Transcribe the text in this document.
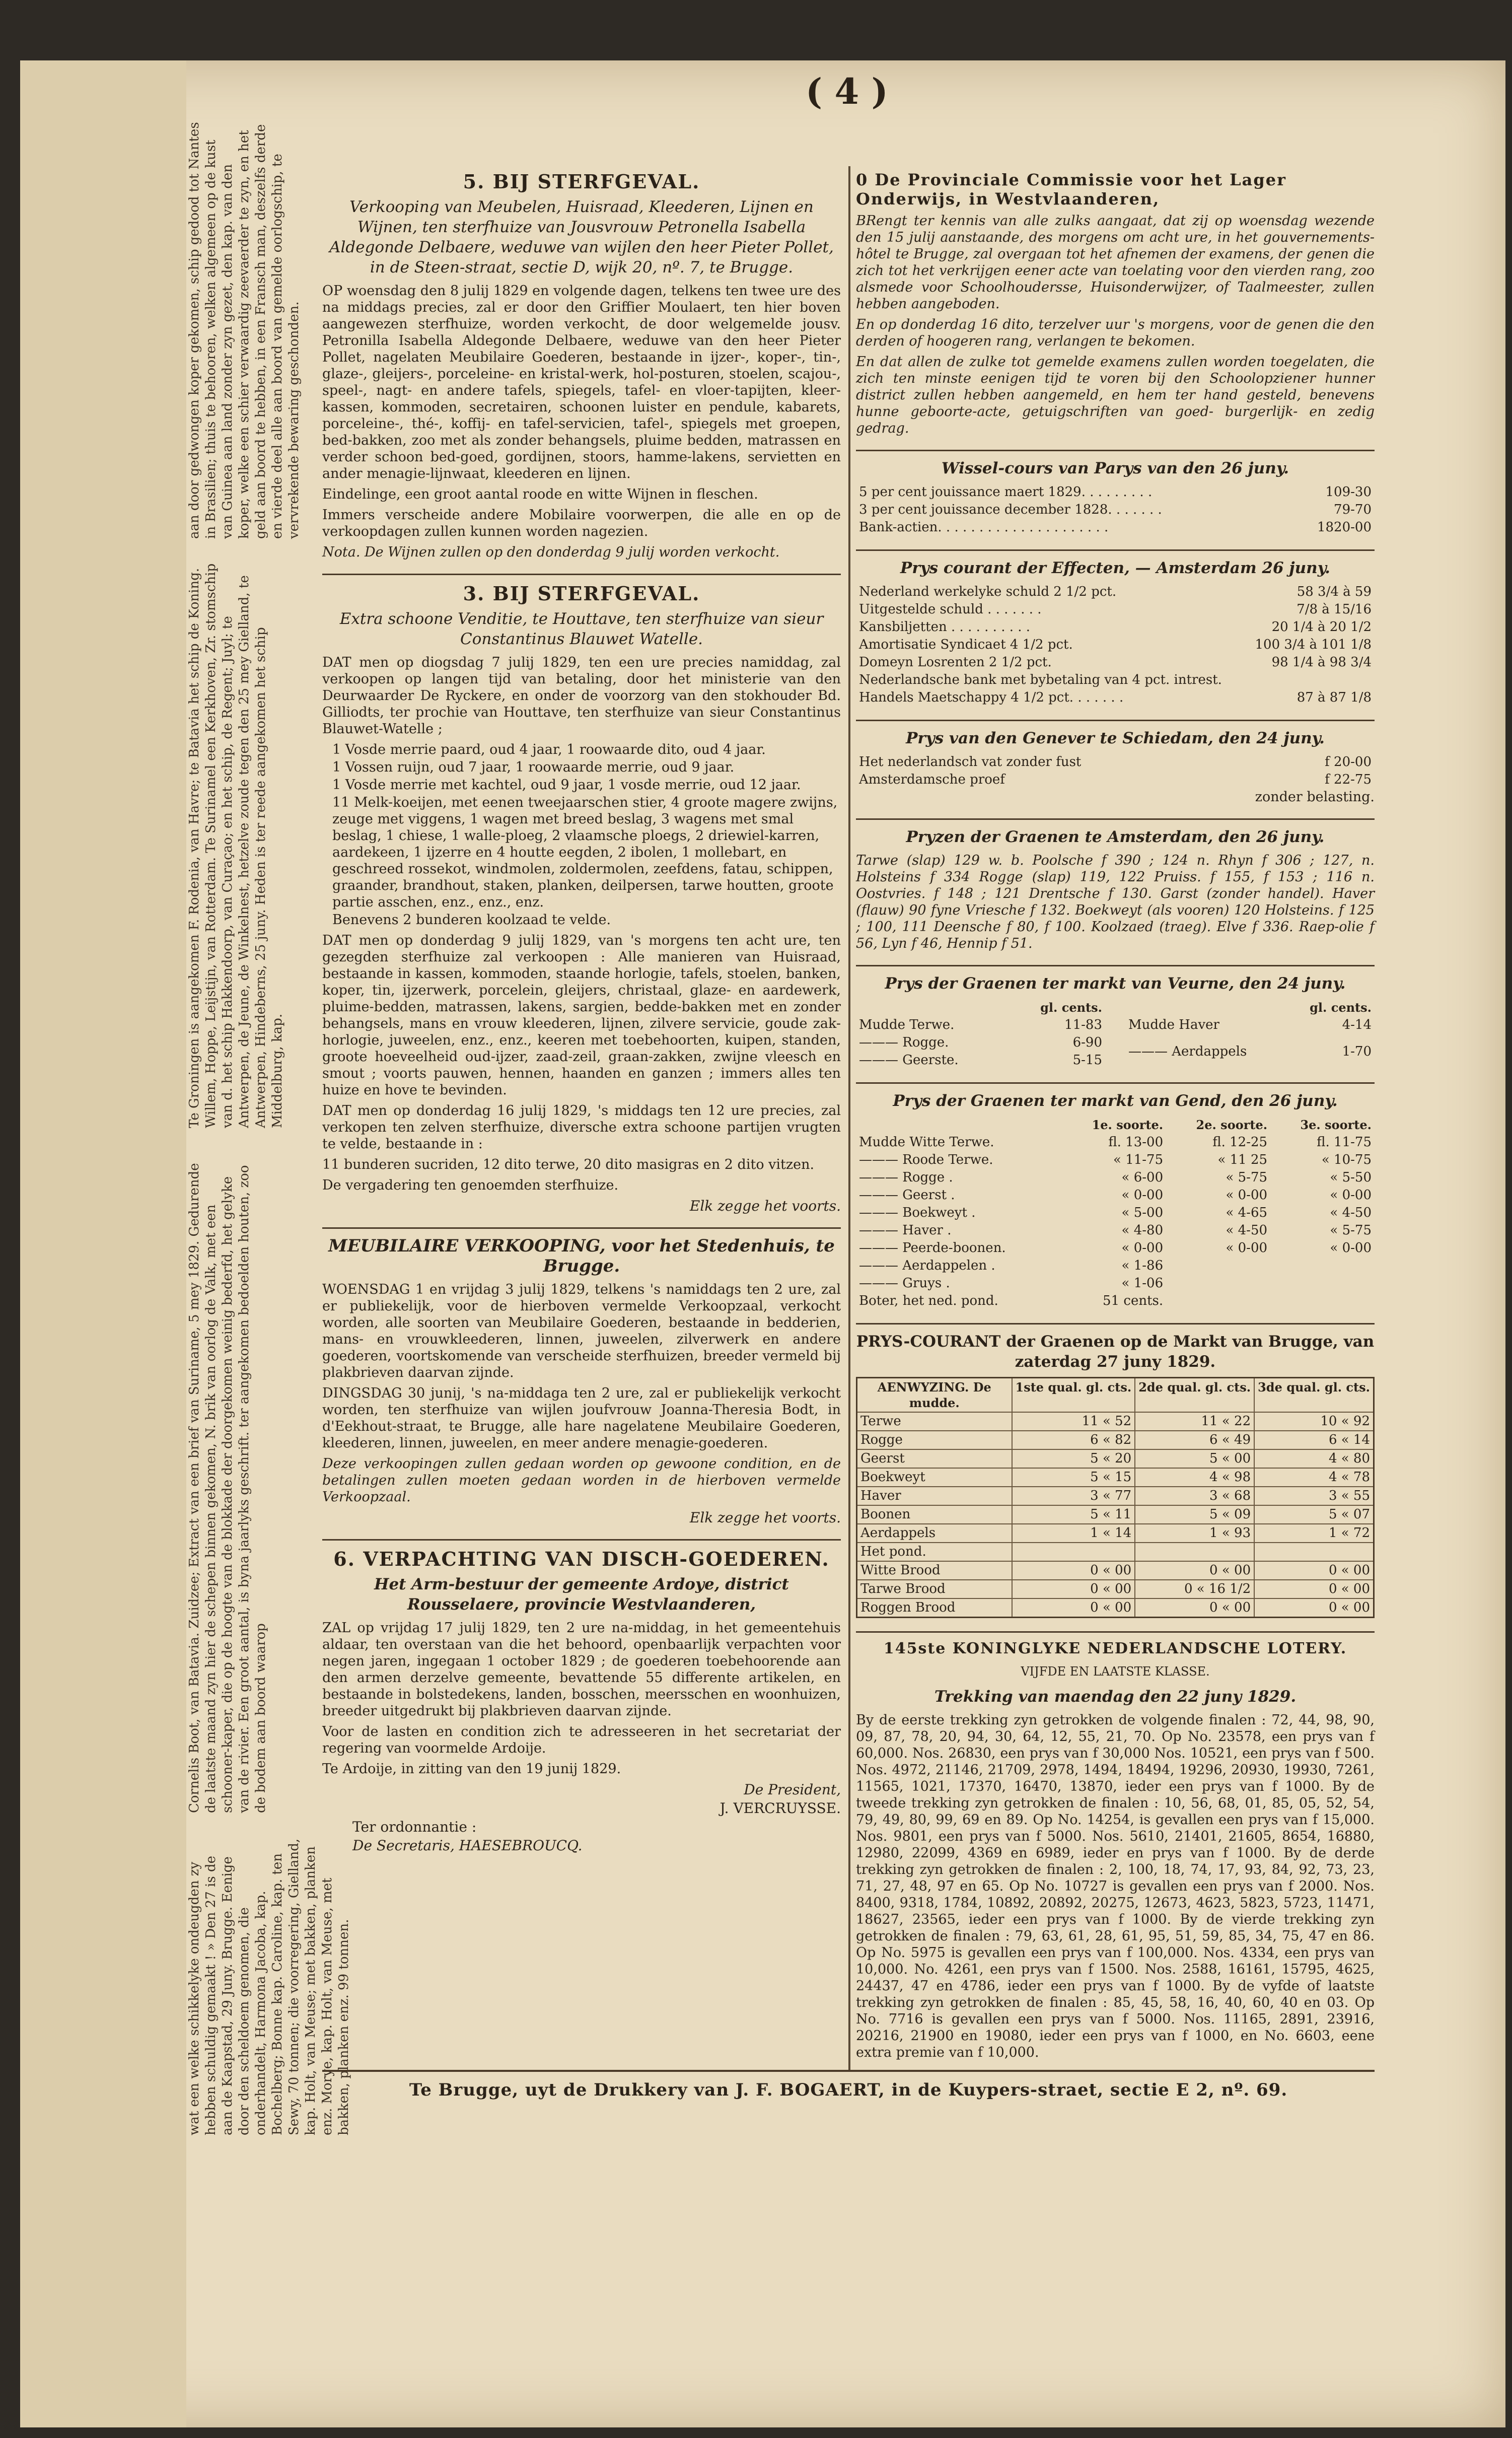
aan door gedwongen koper gekomen, schip gedood tot Nantes in Brasilien; thuis te behooren, welken algemeen op de kust van Guinea aan land zonder zyn gezet, den kap. van den koper, welke een schier verwaardig zeevaerder te zyn, en het geld aan boord te hebben, in een Fransch man, deszelfs derde en vierde deel alle aan boord van gemelde oorlogschip, te vervrekende bewaring geschonden.
Te Groningen is aangekomen F. Rodenia, van Havre; te Batavia het schip de Koning. Willem, Hoppe, Leijstijn, van Rotterdam. Te Surinamel een Kerkhoven, Zr. stomschip van d. het schip Hakkendoorp, van Curaçao; en het schip, de Regent; Juyl; te Antwerpen, de Jeune, de Winkelnest, hetzelve zoude tegen den 25 mey Gielland, te Antwerpen, Hindeberns, 25 juny. Heden is ter reede aangekomen het schip Middelburg, kap.
Cornelis Boot, van Batavia. Zuidzee; Extract van een brief van Suriname, 5 mey 1829. Gedurende de laatste maand zyn hier de schepen binnen gekomen, N. brik van oorlog de Valk, met een schooner-kaper, die op de hoogte van de blokkade der doorgekomen weinig bederfd, het gelyke van de rivier. Een groot aantal, is byna jaarlyks geschrift. ter aangekomen bedoelden houten, zoo de bodem aan boord waarop
wat een welke schikkelyke ondeugden zy hebben schuldig gemaakt ! » Den 27 is de aan de Kaapstad, 29 Juny. Brugge. Eenige door den scheldoem genomen, die onderhandelt, Harmona Jacoba, kap. Bochelberg; Bonne kap. Caroline, kap. ten Sewy, 70 tonnen; die voorregering, Gielland, kap. Holt, van Meuse; met bakken, planken enz. Morye, kap. Holt, van Meuse, met bakken, planken enz. 99 tonnen.
( 4 )
5. BIJ STERFGEVAL.
Verkooping van Meubelen, Huisraad, Kleederen, Lijnen en Wijnen, ten sterfhuize van Jousvrouw Petronella Isabella Aldegonde Delbaere, weduwe van wijlen den heer Pieter Pollet, in de Steen-straat, sectie D, wijk 20, nº. 7, te Brugge.

OP woensdag den 8 julij 1829 en volgende dagen, telkens ten twee ure des na middags precies, zal er door den Griffier Moulaert, ten hier boven aangewezen sterfhuize, worden verkocht, de door welgemelde jousv. Petronilla Isabella Aldegonde Delbaere, weduwe van den heer Pieter Pollet, nagelaten Meubilaire Goederen, bestaande in ijzer-, koper-, tin-, glaze-, gleijers-, porceleine- en kristal-werk, hol-posturen, stoelen, scajou-, speel-, nagt- en andere tafels, spiegels, tafel- en vloer-tapijten, kleer-kassen, kommoden, secretairen, schoonen luister en pendule, kabarets, porceleine-, thé-, koffij- en tafel-servicien, tafel-, spiegels met groepen, bed-bakken, zoo met als zonder behangsels, pluime bedden, matrassen en verder schoon bed-goed, gordijnen, stoors, hamme-lakens, servietten en ander menagie-lijnwaat, kleederen en lijnen.

Eindelinge, een groot aantal roode en witte Wijnen in fleschen.

Immers verscheide andere Mobilaire voorwerpen, die alle en op de verkoopdagen zullen kunnen worden nagezien.

Nota. De Wijnen zullen op den donderdag 9 julij worden verkocht.

3. BIJ STERFGEVAL.
Extra schoone Venditie, te Houttave, ten sterfhuize van sieur Constantinus Blauwet Watelle.

DAT men op diogsdag 7 julij 1829, ten een ure precies namiddag, zal verkoopen op langen tijd van betaling, door het ministerie van den Deurwaarder De Ryckere, en onder de voorzorg van den stokhouder Bd. Gilliodts, ter prochie van Houttave, ten sterfhuize van sieur Constantinus Blauwet-Watelle ;

1 Vosde merrie paard, oud 4 jaar, 1 roowaarde dito, oud 4 jaar.
1 Vossen ruijn, oud 7 jaar, 1 roowaarde merrie, oud 9 jaar.
1 Vosde merrie met kachtel, oud 9 jaar, 1 vosde merrie, oud 12 jaar.
11 Melk-koeijen, met eenen tweejaarschen stier, 4 groote magere zwijns, zeuge met viggens, 1 wagen met breed beslag, 3 wagens met smal beslag, 1 chiese, 1 walle-ploeg, 2 vlaamsche ploegs, 2 driewiel-karren, aardekeen, 1 ijzerre en 4 houtte eegden, 2 ibolen, 1 mollebart, en geschreed rossekot, windmolen, zoldermolen, zeefdens, fatau, schippen, graander, brandhout, staken, planken, deilpersen, tarwe houtten, groote partie asschen, enz., enz., enz.
Benevens 2 bunderen koolzaad te velde.

DAT men op donderdag 9 julij 1829, van 's morgens ten acht ure, ten gezegden sterfhuize zal verkoopen : Alle manieren van Huisraad, bestaande in kassen, kommoden, staande horlogie, tafels, stoelen, banken, koper, tin, ijzerwerk, porcelein, gleijers, christaal, glaze- en aardewerk, pluime-bedden, matrassen, lakens, sargien, bedde-bakken met en zonder behangsels, mans en vrouw kleederen, lijnen, zilvere servicie, goude zak-horlogie, juweelen, enz., enz., keeren met toebehoorten, kuipen, standen, groote hoeveelheid oud-ijzer, zaad-zeil, graan-zakken, zwijne vleesch en smout ; voorts pauwen, hennen, haanden en ganzen ; immers alles ten huize en hove te bevinden.

DAT men op donderdag 16 julij 1829, 's middags ten 12 ure precies, zal verkopen ten zelven sterfhuize, diversche extra schoone partijen vrugten te velde, bestaande in :

11 bunderen sucriden, 12 dito terwe, 20 dito masigras en 2 dito vitzen.

De vergadering ten genoemden sterfhuize.

Elk zegge het voorts.
MEUBILAIRE VERKOOPING, voor het Stedenhuis, te Brugge.

WOENSDAG 1 en vrijdag 3 julij 1829, telkens 's namiddags ten 2 ure, zal er publiekelijk, voor de hierboven vermelde Verkoopzaal, verkocht worden, alle soorten van Meubilaire Goederen, bestaande in bedderien, mans- en vrouwkleederen, linnen, juweelen, zilverwerk en andere goederen, voortskomende van verscheide sterfhuizen, breeder vermeld bij plakbrieven daarvan zijnde.

DINGSDAG 30 junij, 's na-middaga ten 2 ure, zal er publiekelijk verkocht worden, ten sterfhuize van wijlen joufvrouw Joanna-Theresia Bodt, in d'Eekhout-straat, te Brugge, alle hare nagelatene Meubilaire Goederen, kleederen, linnen, juweelen, en meer andere menagie-goederen.

Deze verkoopingen zullen gedaan worden op gewoone condition, en de betalingen zullen moeten gedaan worden in de hierboven vermelde Verkoopzaal.

Elk zegge het voorts.
6. VERPACHTING VAN DISCH-GOEDEREN.
Het Arm-bestuur der gemeente Ardoye, district Rousselaere, provincie Westvlaanderen,

ZAL op vrijdag 17 julij 1829, ten 2 ure na-middag, in het gemeentehuis aldaar, ten overstaan van die het behoord, openbaarlijk verpachten voor negen jaren, ingegaan 1 october 1829 ; de goederen toebehoorende aan den armen derzelve gemeente, bevattende 55 differente artikelen, en bestaande in bolstedekens, landen, bosschen, meersschen en woonhuizen, breeder uitgedrukt bij plakbrieven daarvan zijnde.

Voor de lasten en condition zich te adresseeren in het secretariat der regering van voormelde Ardoije.

Te Ardoije, in zitting van den 19 junij 1829.

De President,
J. VERCRUYSSE.
Ter ordonnantie :
De Secretaris, HAESEBROUCQ.
0 De Provinciale Commissie voor het Lager Onderwijs, in Westvlaanderen,

BRengt ter kennis van alle zulks aangaat, dat zij op woensdag wezende den 15 julij aanstaande, des morgens om acht ure, in het gouvernements-hôtel te Brugge, zal overgaan tot het afnemen der examens, der genen die zich tot het verkrijgen eener acte van toelating voor den vierden rang, zoo alsmede voor Schoolhoudersse, Huisonderwijzer, of Taalmeester, zullen hebben aangeboden.

En op donderdag 16 dito, terzelver uur 's morgens, voor de genen die den derden of hoogeren rang, verlangen te bekomen.

En dat allen de zulke tot gemelde examens zullen worden toegelaten, die zich ten minste eenigen tijd te voren bij den Schoolopziener hunner district zullen hebben aangemeld, en hem ter hand gesteld, benevens hunne geboorte-acte, getuigschriften van goed- burgerlijk- en zedig gedrag.

Wissel-cours van Parys van den 26 juny.
5 per cent jouissance maert 1829. . . . . . . . .	109-30
3 per cent jouissance december 1828. . . . . . .	79-70
Bank-actien. . . . . . . . . . . . . . . . . . . . .	1820-00
Prys courant der Effecten, — Amsterdam 26 juny.
Nederland werkelyke schuld 2 1/2 pct.	58 3/4 à 59
Uitgestelde schuld . . . . . . .	7/8 à 15/16
Kansbiljetten . . . . . . . . . .	20 1/4 à 20 1/2
Amortisatie Syndicaet 4 1/2 pct.	100 3/4 à 101 1/8
Domeyn Losrenten 2 1/2 pct.	98 1/4 à 98 3/4
Nederlandsche bank met bybetaling van 4 pct. intrest.	
Handels Maetschappy 4 1/2 pct. . . . . . .	87 à 87 1/8
Prys van den Genever te Schiedam, den 24 juny.
Het nederlandsch vat zonder fust	f 20-00
Amsterdamsche proef	f 22-75
zonder belasting.
Pryzen der Graenen te Amsterdam, den 26 juny.

Tarwe (slap) 129 w. b. Poolsche f 390 ; 124 n. Rhyn f 306 ; 127, n. Holsteins f 334 Rogge (slap) 119, 122 Pruiss. f 155, f 153 ; 116 n. Oostvries. f 148 ; 121 Drentsche f 130. Garst (zonder handel). Haver (flauw) 90 fyne Vriesche f 132. Boekweyt (als vooren) 120 Holsteins. f 125 ; 100, 111 Deensche f 80, f 100. Koolzaed (traeg). Elve f 336. Raep-olie f 56, Lyn f 46, Hennip f 51.

Prys der Graenen ter markt van Veurne, den 24 juny.
	gl. cents.
Mudde Terwe.	11-83
——— Rogge.	6-90
——— Geerste.	5-15
	gl. cents.
Mudde Haver	4-14
——— Aerdappels	1-70
Prys der Graenen ter markt van Gend, den 26 juny.
	1e. soorte.	2e. soorte.	3e. soorte.
Mudde Witte Terwe.	fl. 13-00	fl. 12-25	fl. 11-75
——— Roode Terwe.	« 11-75	« 11 25	« 10-75
——— Rogge .	« 6-00	« 5-75	« 5-50
——— Geerst .	« 0-00	« 0-00	« 0-00
——— Boekweyt .	« 5-00	« 4-65	« 4-50
——— Haver .	« 4-80	« 4-50	« 5-75
——— Peerde-boonen.	« 0-00	« 0-00	« 0-00
——— Aerdappelen .	« 1-86		
——— Gruys .	« 1-06		
Boter, het ned. pond.	51 cents.		
PRYS-COURANT der Graenen op de Markt van Brugge, van zaterdag 27 juny 1829.
AENWYZING. De mudde.	1ste qual. gl. cts.	2de qual. gl. cts.	3de qual. gl. cts.
Terwe	11 « 52	11 « 22	10 « 92
Rogge	6 « 82	6 « 49	6 « 14
Geerst	5 « 20	5 « 00	4 « 80
Boekweyt	5 « 15	4 « 98	4 « 78
Haver	3 « 77	3 « 68	3 « 55
Boonen	5 « 11	5 « 09	5 « 07
Aerdappels	1 « 14	1 « 93	1 « 72
Het pond.			
Witte Brood	0 « 00	0 « 00	0 « 00
Tarwe Brood	0 « 00	0 « 16 1/2	0 « 00
Roggen Brood	0 « 00	0 « 00	0 « 00
145ste KONINGLYKE NEDERLANDSCHE LOTERY.
VIJFDE EN LAATSTE KLASSE.
Trekking van maendag den 22 juny 1829.

By de eerste trekking zyn getrokken de volgende finalen : 72, 44, 98, 90, 09, 87, 78, 20, 94, 30, 64, 12, 55, 21, 70. Op No. 23578, een prys van f 60,000. Nos. 26830, een prys van f 30,000 Nos. 10521, een prys van f 500. Nos. 4972, 21146, 21709, 2978, 1494, 18494, 19296, 20930, 19930, 7261, 11565, 1021, 17370, 16470, 13870, ieder een prys van f 1000. By de tweede trekking zyn getrokken de finalen : 10, 56, 68, 01, 85, 05, 52, 54, 79, 49, 80, 99, 69 en 89. Op No. 14254, is gevallen een prys van f 15,000. Nos. 9801, een prys van f 5000. Nos. 5610, 21401, 21605, 8654, 16880, 12980, 22099, 4369 en 6989, ieder en prys van f 1000. By de derde trekking zyn getrokken de finalen : 2, 100, 18, 74, 17, 93, 84, 92, 73, 23, 71, 27, 48, 97 en 65. Op No. 10727 is gevallen een prys van f 2000. Nos. 8400, 9318, 1784, 10892, 20892, 20275, 12673, 4623, 5823, 5723, 11471, 18627, 23565, ieder een prys van f 1000. By de vierde trekking zyn getrokken de finalen : 79, 63, 61, 28, 61, 95, 51, 59, 85, 34, 75, 47 en 86. Op No. 5975 is gevallen een prys van f 100,000. Nos. 4334, een prys van 10,000. No. 4261, een prys van f 1500. Nos. 2588, 16161, 15795, 4625, 24437, 47 en 4786, ieder een prys van f 1000. By de vyfde of laatste trekking zyn getrokken de finalen : 85, 45, 58, 16, 40, 60, 40 en 03. Op No. 7716 is gevallen een prys van f 5000. Nos. 11165, 2891, 23916, 20216, 21900 en 19080, ieder een prys van f 1000, en No. 6603, eene extra premie van f 10,000.

Te Brugge, uyt de Drukkery van J. F. BOGAERT, in de Kuypers-straet, sectie E 2, nº. 69.
